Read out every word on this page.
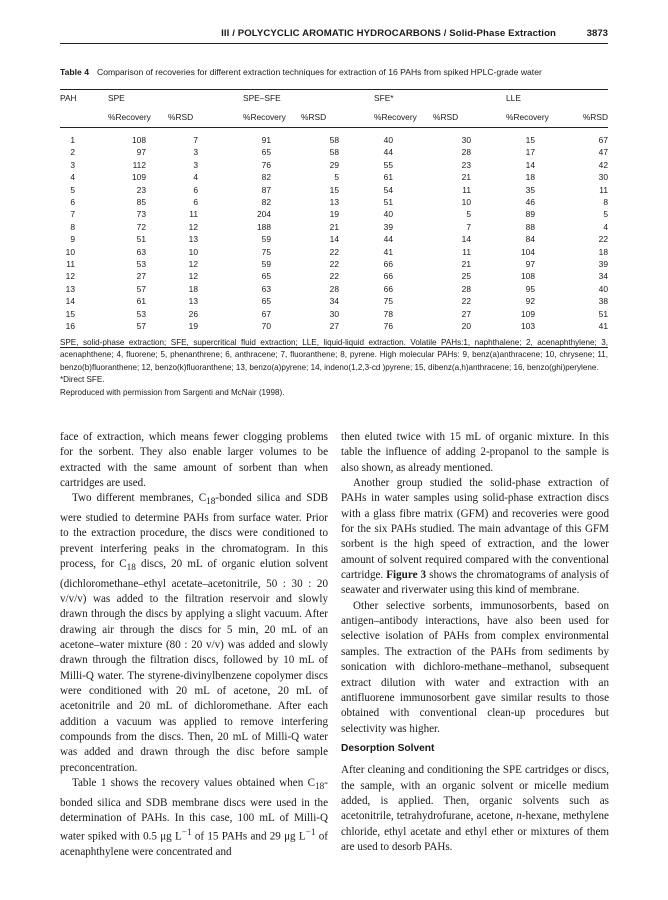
III / POLYCYCLIC AROMATIC HYDROCARBONS / Solid-Phase Extraction	3873
Table 4 Comparison of recoveries for different extraction techniques for extraction of 16 PAHs from spiked HPLC-grade water
PAH	SPE		SPE–SFE		SFE*		LLE	
	%Recovery	%RSD	%Recovery	%RSD	%Recovery	%RSD	%Recovery	%RSD

1	108	7	91	58	40	30	15	67
2	97	3	65	58	44	28	17	47
3	112	3	76	29	55	23	14	42
4	109	4	82	5	61	21	18	30
5	23	6	87	15	54	11	35	11
6	85	6	82	13	51	10	46	8
7	73	11	204	19	40	5	89	5
8	72	12	188	21	39	7	88	4
9	51	13	59	14	44	14	84	22
10	63	10	75	22	41	11	104	18
11	53	12	59	22	66	21	97	39
12	27	12	65	22	66	25	108	34
13	57	18	63	28	66	28	95	40
14	61	13	65	34	75	22	92	38
15	53	26	67	30	78	27	109	51
16	57	19	70	27	76	20	103	41

SPE, solid-phase extraction; SFE, supercritical fluid extraction; LLE, liquid-liquid extraction. Volatile PAHs:1, naphthalene; 2, acenaphthylene; 3, acenaphthene; 4, fluorene; 5, phenanthrene; 6, anthracene; 7, fluoranthene; 8, pyrene. High molecular PAHs: 9, benz(a)anthracene; 10, chrysene; 11, benzo(b)fluoranthene; 12, benzo(k)fluoranthene; 13, benzo(a)pyrene; 14, indeno(1,2,3-cd )pyrene; 15, dibenz(a,h)anthracene; 16, benzo(ghi)perylene.

*Direct SFE.

Reproduced with permission from Sargenti and McNair (1998).

face of extraction, which means fewer clogging problems for the sorbent. They also enable larger volumes to be extracted with the same amount of sorbent than when cartridges are used.

Two different membranes, $C_{18}$-bonded silica and SDB were studied to determine PAHs from surface water. Prior to the extraction procedure, the discs were conditioned to prevent interfering peaks in the chromatogram. In this process, for $C_{18}$ discs, 20 mL of organic elution solvent (dichloromethane–ethyl acetate–acetonitrile, 50 : 30 : 20 v/v/v) was added to the filtration reservoir and slowly drawn through the discs by applying a slight vacuum. After drawing air through the discs for 5 min, 20 mL of an acetone–water mixture (80 : 20 v/v) was added and slowly drawn through the filtration discs, followed by 10 mL of Milli-Q water. The styrene-divinylbenzene copolymer discs were conditioned with 20 mL of acetone, 20 mL of acetonitrile and 20 mL of dichloromethane. After each addition a vacuum was applied to remove interfering compounds from the discs. Then, 20 mL of Milli-Q water was added and drawn through the disc before sample preconcentration.

Table 1 shows the recovery values obtained when $C_{18}$-bonded silica and SDB membrane discs were used in the determination of PAHs. In this case, 100 mL of Milli-Q water spiked with 0.5 μg $L^{-1}$ of 15 PAHs and 29 μg $L^{-1}$ of acenaphthylene were concentrated and

then eluted twice with 15 mL of organic mixture. In this table the influence of adding 2-propanol to the sample is also shown, as already mentioned.

Another group studied the solid-phase extraction of PAHs in water samples using solid-phase extraction discs with a glass fibre matrix (GFM) and recoveries were good for the six PAHs studied. The main advantage of this GFM sorbent is the high speed of extraction, and the lower amount of solvent required compared with the conventional cartridge. Figure 3 shows the chromatograms of analysis of seawater and riverwater using this kind of membrane.

Other selective sorbents, immunosorbents, based on antigen–antibody interactions, have also been used for selective isolation of PAHs from complex environmental samples. The extraction of the PAHs from sediments by sonication with dichloro-methane–methanol, subsequent extract dilution with water and extraction with an antifluorene immunosorbent gave similar results to those obtained with conventional clean-up procedures but selectivity was higher.

Desorption Solvent

After cleaning and conditioning the SPE cartridges or discs, the sample, with an organic solvent or micelle medium added, is applied. Then, organic solvents such as acetonitrile, tetrahydrofurane, acetone, n-hexane, methylene chloride, ethyl acetate and ethyl ether or mixtures of them are used to desorb PAHs.
